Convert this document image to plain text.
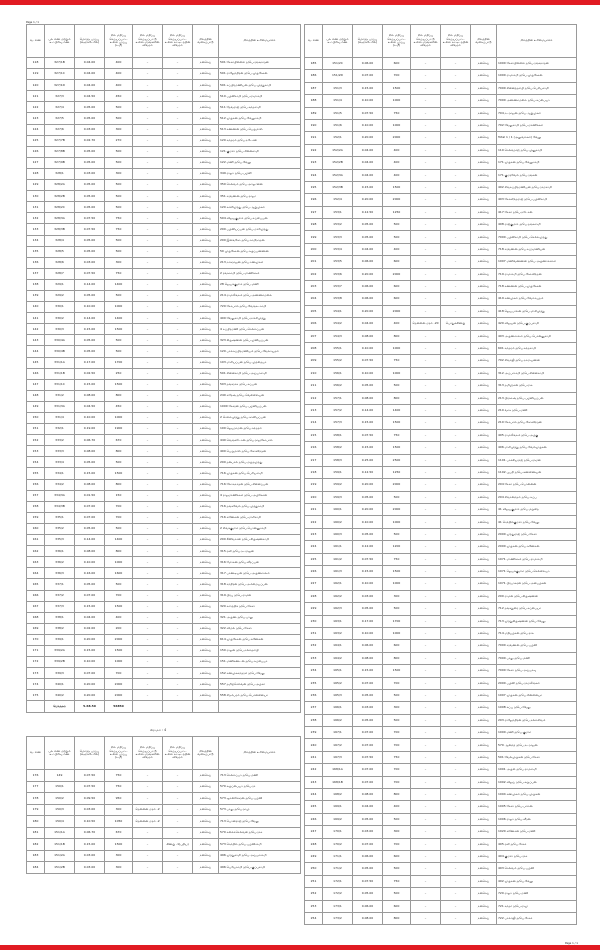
Page 1 / 1
வ. எண்	புல எண் மற்றும் உட்பிரிவு எண்	மொத்த பரப்பு (ஹெக்டேரில்)	நில மதிப்பு செய்யப்பட்ட உள்ள பரப்பு (ச.மீ)	நில மதிப்பு செய்யப்பட்டு உள்ள மரங்களின் விவரம்	நில மதிப்பு செய்யப்பட்ட உள்ள கட்டிடத்தின் விவரம்	நிலத்தின் வகைப்பாடு	நிலத்தின் உரிமையாளர்
118	327/1B	0.04.00	400	–	–	நன்செய்	501 சேகர்பிள்ளை த/பெ.ரங்கநாதன்
119	327/1C	0.04.00	400	–	–	நன்செய்	501 ராஜேந்திரன் த/பெ.முருகேசன்
120	327/1D	0.04.00	400	–	–	நன்செய்	501 சுப்பிரமணியன் த/பெ.முத்துசாமி
121	327/3	0.04.50	450	–	–	நன்செய்	510 பழனிசாமி த/பெ.ராமசாமி
122	327/4	0.05.00	500	–	–	நன்செய்	511 தேவராஜ் த/பெ.கந்தசாமி
123	327/5	0.05.00	500	–	–	நன்செய்	512 முருகன் த/பெ.வேலுசாமி
124	327/6	0.03.00	300	–	–	நன்செய்	513 கண்ணன் த/பெ.பெருமாள்
125	327/7B	0.02.70	270	–	–	நன்செய்	120 சுந்தரம் த/பெ.நடேசன்
126	327/8B	0.05.00	500	–	–	நன்செய்	121 குமார் த/பெ.சின்னசாமி
127	327/9B	0.05.00	500	–	–	நன்செய்	122 மணி த/பெ.வேலு
128	328/1	0.03.00	300	–	–	நன்செய்	349 ராஜா த/பெ.பழனி
129	328/2A	0.05.00	500	–	–	நன்செய்	350 செல்வம் த/பெ.அர்ஜுனன்
130	328/2B	0.05.00	500	–	–	நன்செய்	351 சரவணன் த/பெ.ராஜு
131	328/2C	0.05.00	500	–	–	நன்செய்	120 காளிமுத்து த/பெ.ஆறுமுகம்
132	328/3A	0.07.50	750	–	–	நன்செய்	504 விஜயகுமார் த/பெ.சுப்பையன்
133	328/3B	0.07.50	750	–	–	நன்செய்	200 பழனியப்பன் த/பெ.மாரிமுத்து
134	328/4	0.05.00	500	–	–	நன்செய்	200 இளங்கோ த/பெ.சாமிநாதன்
135	328/5	0.05.00	500	–	–	நன்செய்	50 முருகேசன் த/பெ.கருப்பண்ணன்
136	328/6	0.03.00	300	–	–	நன்செய்	213 நாகராஜன் த/பெ.சண்முகம்
137	328/7	0.07.50	750	–	–	நன்செய்	2 ரங்கசாமி த/பெ.மாணிக்கம்
138	329/1	0.14.00	1400	–	–	நன்செய்	28 ஜெயக்குமார் த/பெ.மணி
139	329/2	0.05.00	500	–	–	நன்செய்	214 ராமலிங்கம் த/பெ.அண்ணாமலை
140	330/1	0.10.00	1000	–	–	நன்செய்	720 கோபால் த/பெ.வேங்கடசாமி
141	330/2	0.14.00	1400	–	–	நன்செய்	400 வேலுசாமி த/பெ.நாச்சிமுத்து
142	330/3	0.15.00	1500	–	–	நன்செய்	4 சுப்பிரமணி த/பெ.செல்லப்பன்
143	330/4A	0.05.00	500	–	–	நன்செய்	323 கிருஷ்ணன் த/பெ.முனியப்பன்
144	330/4B	0.05.00	500	–	–	நன்செய்	120 பாலசுப்பிரமணியம் த/பெ.வேலாயுதம்
145	331/1A	0.17.00	1700	–	–	நன்செய்	103 மாரியப்பன் த/பெ.முத்தையா
146	331/1B	0.02.50	250	–	–	நன்செய்	501 சின்னசாமி த/பெ.அய்யாசாமி
147	331/1C	0.15.00	1500	–	–	நன்செய்	503 தங்கராசு த/பெ.சுப்பன்
148	331/2	0.08.00	800	–	–	நன்செய்	240 சுரேஷ் த/பெ.வெள்ளையன்
149	331/3A	0.04.50	450	–	–	நன்செய்	1000 சேகரன் த/பெ.பழனியப்பன்
150	331/4	0.10.00	1000	–	–	நன்செய்	2 செல்லமுத்து த/பெ.காளியப்பன்
151	332/1	0.19.00	1900	–	–	நன்செய்	100 ஜெயராமன் த/பெ.சுந்தரம்
152	333/2	0.06.70	670	–	–	நன்செய்	440 வெங்கடேசன் த/பெ.ராஜகோபால்
153	333/3	0.08.00	800	–	–	நன்செய்	400 பெருமாள் த/பெ.கோவிந்தன்
154	333/4	0.05.00	500	–	–	நன்செய்	200 தனபால் த/பெ.மருதமுத்து
155	334/1	0.15.00	1500	–	–	நன்செய்	716 முருகன் த/பெ.பெரியசாமி
156	334/2	0.08.00	800	–	–	நன்செய்	716 லோகநாதன் த/பெ.சின்னப்பன்
157	334/3A	0.01.50	150	–	–	நன்செய்	4 ராஜமாணிக்கம் த/பெ.அழகேசன்
158	334/3B	0.07.00	700	–	–	நன்செய்	716 தங்கவேல் த/பெ.முத்துசாமி
159	335/1	0.07.00	700	–	–	நன்செய்	716 கணேசன் த/பெ.மாரிசாமி
160	335/2	0.05.00	500	–	–	நன்செய்	2 சிவக்குமார் த/பெ.பொன்னுசாமி
161	335/3	0.14.00	1400	–	–	நன்செய்	200 சீனிவாசன் த/பெ.கிருஷ்ணசாமி
162	336/1	0.08.00	800	–	–	நன்செய்	315 ரவி த/பெ.நடராஜன்
163	336/2	0.10.00	1000	–	–	நன்செய்	316 மோகன் த/பெ.வீரப்பன்
164	336/3	0.16.00	1600	–	–	நன்செய்	317 பாண்டியன் த/பெ.அருணாசலம்
165	337/1	0.05.00	500	–	–	நன்செய்	318 சந்திரன் த/பெ.அம்மையப்பன்
166	337/2	0.07.00	700	–	–	நன்செய்	319 பிரபு த/பெ.ராமன்
167	337/3	0.15.00	1500	–	–	நன்செய்	320 கார்த்திக் த/பெ.சேகர்
168	338/1	0.04.00	400	–	–	நன்செய்	321 அருண் த/பெ.பாலு
169	338/2	0.02.00	200	–	–	நன்செய்	322 விமல் த/பெ.சேகர்
170	339/1	0.20.00	2000	–	–	நன்செய்	614 முருகேசன் த/பெ.கணேசன்
171	339/2A	0.15.00	1500	–	–	நன்செய்	150 ராஜன் த/பெ.நல்லதம்பி
172	339/2B	0.10.00	1000	–	–	நன்செய்	151 மணிகண்டன் த/பெ.சுப்பையா
173	339/3	0.07.00	700	–	–	நன்செய்	152 சண்முகசுந்தரம் த/பெ.வேலு
174	340/1	0.20.00	2000	–	–	நன்செய்	557 தமிழ்செல்வன் த/பெ.அழகர்
175	340/2	0.20.00	2000	–	–	நன்செய்	558 சிதம்பரம் த/பெ.பொன்னையா
	மொத்தம்	5.68.50	56850				
கிராமம் : 4
வ. எண்	புல எண் மற்றும் உட்பிரிவு எண்	மொத்த பரப்பு (ஹெக்டேரில்)	நில மதிப்பு செய்யப்பட்ட உள்ள பரப்பு (ச.மீ)	நில மதிப்பு செய்யப்பட்டு உள்ள மரங்களின் விவரம்	நில மதிப்பு செய்யப்பட்ட உள்ள கட்டிடத்தின் விவரம்	நிலத்தின் வகைப்பாடு	நிலத்தின் உரிமையாளர்
176	149	0.07.50	750	–	–	நன்செய்	713 செல்லப்பா த/பெ.மணி
177	150/1	0.07.50	750	–	–	நன்செய்	570 கருப்பையா த/பெ.ரா
178	150/2	0.09.50	950	–	–	நன்செய்	573 ஞானசேகரன் த/பெ.பழனி
179	150/3	0.03.00	300	தென்னை மரம் -2	–	நன்செய்	573 பாலு த/பெ.ராமு
180	150/4	0.10.50	1050	தென்னை மரம் -2	–	நன்செய்	713 பொன்ராஜ் த/பெ.வேலு
181	151/1A	0.06.70	670	–	–	நன்செய்	570 கலைச்செல்வன் த/பெ.ராசு
182	151/1B	0.15.00	1500	–	கிணறு -1(புதிய)	நன்செய்	573 செந்தில் த/பெ.பழனிசாமி
183	151/2A	0.03.00	300	–	–	நன்செய்	496 முத்துசாமி த/பெ.அய்யாசாமி
184	151/2B	0.03.00	300	–	–	நன்செய்	496 பெரியசாமி த/பெ.குப்புசாமி
வ. எண்	புல எண் மற்றும் உட்பிரிவு எண்	மொத்த பரப்பு (ஹெக்டேரில்)	நில மதிப்பு செய்யப்பட்ட உள்ள பரப்பு (ச.மீ)	நில மதிப்பு செய்யப்பட்டு உள்ள மரங்களின் விவரம்	நில மதிப்பு செய்யப்பட்ட உள்ள கட்டிடத்தின் விவரம்	நிலத்தின் வகைப்பாடு	நிலத்தின் உரிமையாளர்
185	151/2C	0.06.00	600	–	–	நன்செய்	1000 சேகர்பிள்ளை த/பெ.ரங்கநாதன்
186	151/2D	0.07.00	700	–	–	நன்செய்	1000 ராமசாமி த/பெ.முருகேசன்
187	151/3	0.15.00	1500	–	–	நன்செய்	7000 சின்னத்தம்பி த/பெ.பெரியசாமி
188	151/4	0.10.00	1000	–	–	நன்செய்	7000 அண்ணாமலை த/பெ.சுப்பையா
189	151/5	0.07.50	750	–	–	நன்செய்	704 நடராஜன் த/பெ.ஆறுமுகம்
190	151/6	0.10.00	1000	–	–	நன்செய்	702 வேலுசாமி த/பெ.மாணிக்கம்
191	152/1	0.20.00	2000	–	–	நன்செய்	Total 1 / 1 (அலுவலகம்) வேலு
192	152/2A	0.04.00	400	–	–	நன்செய்	110 செல்வராஜ் த/பெ.முனுசாமி
193	152/2B	0.04.00	400	–	–	நன்செய்	171 முருகன் த/பெ.வேலுசாமி
194	152/3A	0.04.00	400	–	–	நன்செய்	171 குமரவேல் த/பெ.ரங்கன்
195	152/3B	0.15.00	1500	–	–	நன்செய்	402 சிவசுப்பிரமணியன் த/பெ.ராமசாமி
196	152/4	0.20.00	2000	–	–	நன்செய்	403 கோவிந்தராஜ் த/பெ.பழனிசாமி
197	153/1	0.12.50	1250	–	–	நன்செய்	417 சேகர் த/பெ.நடேசன்
198	153/2	0.05.00	500	–	–	நன்செய்	408 ராஜ்குமார் த/பெ.தங்கசாமி
199	153/3	0.05.00	500	–	–	நன்செய்	7000 பழனிசாமி த/பெ.செல்லமுத்து
200	153/4	0.04.00	400	–	–	நன்செய்	718 சரவணன் த/பெ.சுப்ரமணியன்
201	153/5	0.06.00	600	–	–	நன்செய்	1007 மணிவண்ணன் த/பெ.அருணாச்சலம்
202	153/6	0.20.00	2000	–	–	நன்செய்	719 ராமசாமி த/பெ.கோவிந்தன்
203	153/7	0.06.00	600	–	–	நன்செய்	718 கண்ணன் த/பெ.முருகேசன்
204	153/8	0.06.00	600	–	–	நன்செய்	419 சண்முகம் த/பெ.வேலாயுதம்
205	154/1	0.20.00	2000	–	–	நன்செய்	418 ஜெயபாலன் த/பெ.மாரிமுத்து
206	154/2	0.04.00	400	தென்னை மரம் -20	பொதுக்கிணறு	நன்செய்	420 விஜயன் த/பெ.குப்புசாமி
207	154/3	0.08.00	800	–	–	நன்செய்	403 அருணாசலம் த/பெ.பொன்னுசாமி
208	155/1	0.10.00	1000	–	–	நன்செய்	601 சுந்தரம் த/பெ.கந்தசாமி
209	155/2	0.07.50	750	–	–	நன்செய்	702 சிவாஜி த/பெ.நாராயணன்
210	156/1	0.10.00	1000	–	–	நன்செய்	312 அப்பாசாமி த/பெ.சின்னசாமி
211	156/2	0.05.00	500	–	–	நன்செய்	313 தமிழரசன் த/பெ.ராசு
212	157/1	0.08.00	800	–	–	நன்செய்	213 பிரகாஷ் த/பெ.பழனியப்பன்
213	157/2	0.14.00	1400	–	–	நன்செய்	210 வாசு த/பெ.மணி
214	157/3	0.15.00	1500	–	–	நன்செய்	210 கோபால் த/பெ.கோவிந்தன்
215	158/1	0.07.50	750	–	–	நன்செய்	405 ராமலிங்கம் த/பெ.அழகு
216	158/2	0.15.00	1500	–	–	நன்செய்	406 மாரிமுத்து த/பெ.வேல்முருகன்
217	158/3	0.25.00	2500	–	–	நன்செய்	1101 பாக்கியராஜ் த/பெ.ராமன்
218	159/1	0.12.50	1250	–	–	நன்செய்	1102 பூபதி த/பெ.கண்ணையன்
219	159/2	0.20.00	2000	–	–	நன்செய்	204 சேகர் த/பெ.பொன்னன்
220	159/3	0.05.00	500	–	–	நன்செய்	204 சிவானந்தம் த/பெ.சுப்பு
221	160/1	0.20.00	2000	–	–	நன்செய்	41 விஜயகுமார் த/பெ.மருதை
222	160/2	0.10.00	1000	–	–	நன்செய்	41 செந்தில்குமார் த/பெ.வேலு
223	160/3	0.05.00	500	–	–	நன்செய்	2000 முத்துராஜ் த/பெ.சேகர்
224	161/1	0.12.00	1200	–	–	நன்செய்	2000 முருகன் த/பெ.கணேசன்
225	161/2	0.07.50	750	–	–	நன்செய்	1071 மாணிக்கம் த/பெ.ராமசாமி
226	161/3	0.15.00	1500	–	–	நன்செய்	1071 ஜெயக்குமார் த/பெ.செல்லையா
227	162/1	0.10.00	1000	–	–	நன்செய்	1071 பிரபாகரன் த/பெ.அன்பழகன்
228	162/2	0.03.00	300	–	–	நன்செய்	200 ராமன் த/பெ.கிருஷ்ணன்
229	162/3	0.05.00	500	–	–	நன்செய்	712 தங்கதுரை த/பெ.சுப்பையா
230	163/1	0.17.00	1700	–	–	நன்செய்	713 முத்துகிருஷ்ணன் த/பெ.வேலு
231	163/2	0.10.00	1000	–	–	நன்செய்	714 மதியழகன் த/பெ.ராசு
232	164/1	0.06.00	600	–	–	நன்செய்	7000 சரவணன் த/பெ.பழனி
233	164/2	0.08.00	800	–	–	நன்செய்	7000 பாலு த/பெ.மணி
234	165/1	0.15.00	1500	–	–	நன்செய்	7000 சேகர் த/பெ.அய்யாவு
235	165/2	0.07.00	700	–	–	நன்செய்	2000 பழனி த/பெ.ராமலிங்கம்
236	165/3	0.05.00	500	–	–	நன்செய்	1007 முருகன் த/பெ.சின்னையா
237	166/1	0.03.00	300	–	–	நன்செய்	1008 சுப்பு த/பெ.வேலு
238	166/2	0.05.00	500	–	–	நன்செய்	203 ராஜேந்திரன் த/பெ.நல்லசிவம்
239	167/1	0.07.00	700	–	–	நன்செய்	1000 மணி த/பெ.குமார்
240	167/2	0.07.00	700	–	–	நன்செய்	570 ஆனந்த் த/பெ.நடராஜன்
241	167/3	0.07.50	750	–	–	நன்செய்	501 வேல்முருகன் த/பெ.சேகர்
242	168/1A	0.07.00	700	–	–	நன்செய்	1001 அருள் த/பெ.ராமசாமி
243	168/1B	0.07.00	700	–	–	நன்செய்	1002 விஜய் த/பெ.கருப்பன்
244	168/2	0.08.00	800	–	–	நன்செய்	1004 சண்முகம் த/பெ.முருகன்
245	169/1	0.04.00	400	–	–	நன்செய்	1005 சேகர் த/பெ.பாலன்
246	169/2	0.05.00	500	–	–	நன்செய்	1006 ராஜா த/பெ.வீரன்
247	170/1	0.03.00	300	–	–	நன்செய்	1020 கணேசன் த/பெ.மணி
248	170/2	0.07.00	700	–	–	நன்செய்	405 ரவி த/பெ.சேகர்
249	171/1	0.06.00	600	–	–	நன்செய்	404 குமார் த/பெ.ராசு
250	171/2	0.05.00	500	–	–	நன்செய்	403 செல்வம் த/பெ.பழனி
251	172/1	0.07.50	750	–	–	நன்செய்	402 முருகன் த/பெ.வேலு
252	172/2	0.05.00	500	–	–	நன்செய்	720 ராஜா த/பெ.மணி
253	173/1	0.06.00	600	–	–	நன்செய்	721 சுந்தர் த/பெ.ராமு
254	173/2	0.08.00	800	–	–	நன்செய்	722 பாலாஜி த/பெ.சேகர்
Page 1 / 1
